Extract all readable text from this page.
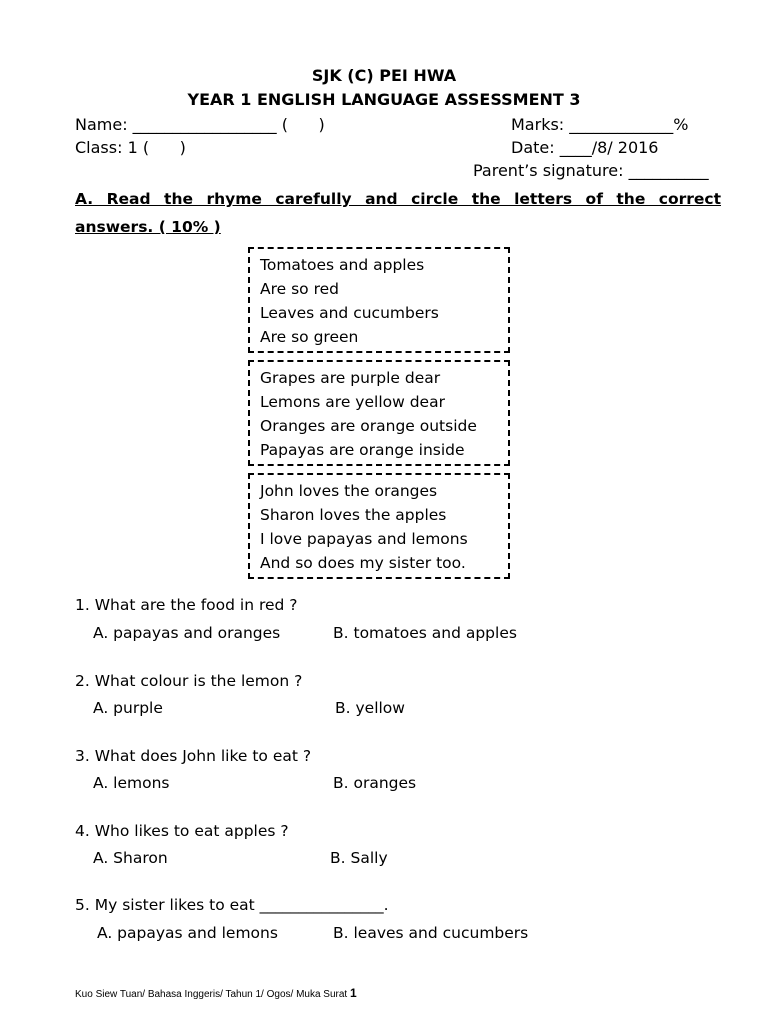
SJK (C) PEI HWA
YEAR 1 ENGLISH LANGUAGE ASSESSMENT 3
Name: __________________ (      )	Marks: _____________%
Class: 1 (      )	Date: ____/8/ 2016
Parent’s signature: __________
A. Read the rhyme carefully and circle the letters of the correct
answers. ( 10% )
Tomatoes and apples
Are so red
Leaves and cucumbers
Are so green
Grapes are purple dear
Lemons are yellow dear
Oranges are orange outside
Papayas are orange inside
John loves the oranges
Sharon loves the apples
I love papayas and lemons
And so does my sister too.
1. What are the food in red ?
A. papayas and oranges	B. tomatoes and apples
2. What colour is the lemon ?
A. purple	B. yellow
3. What does John like to eat ?
A. lemons	B. oranges
4. Who likes to eat apples ?
A. Sharon	B. Sally
5. My sister likes to eat ________________.
A. papayas and lemons	B. leaves and cucumbers
Kuo Siew Tuan/ Bahasa Inggeris/ Tahun 1/ Ogos/ Muka Surat 1
